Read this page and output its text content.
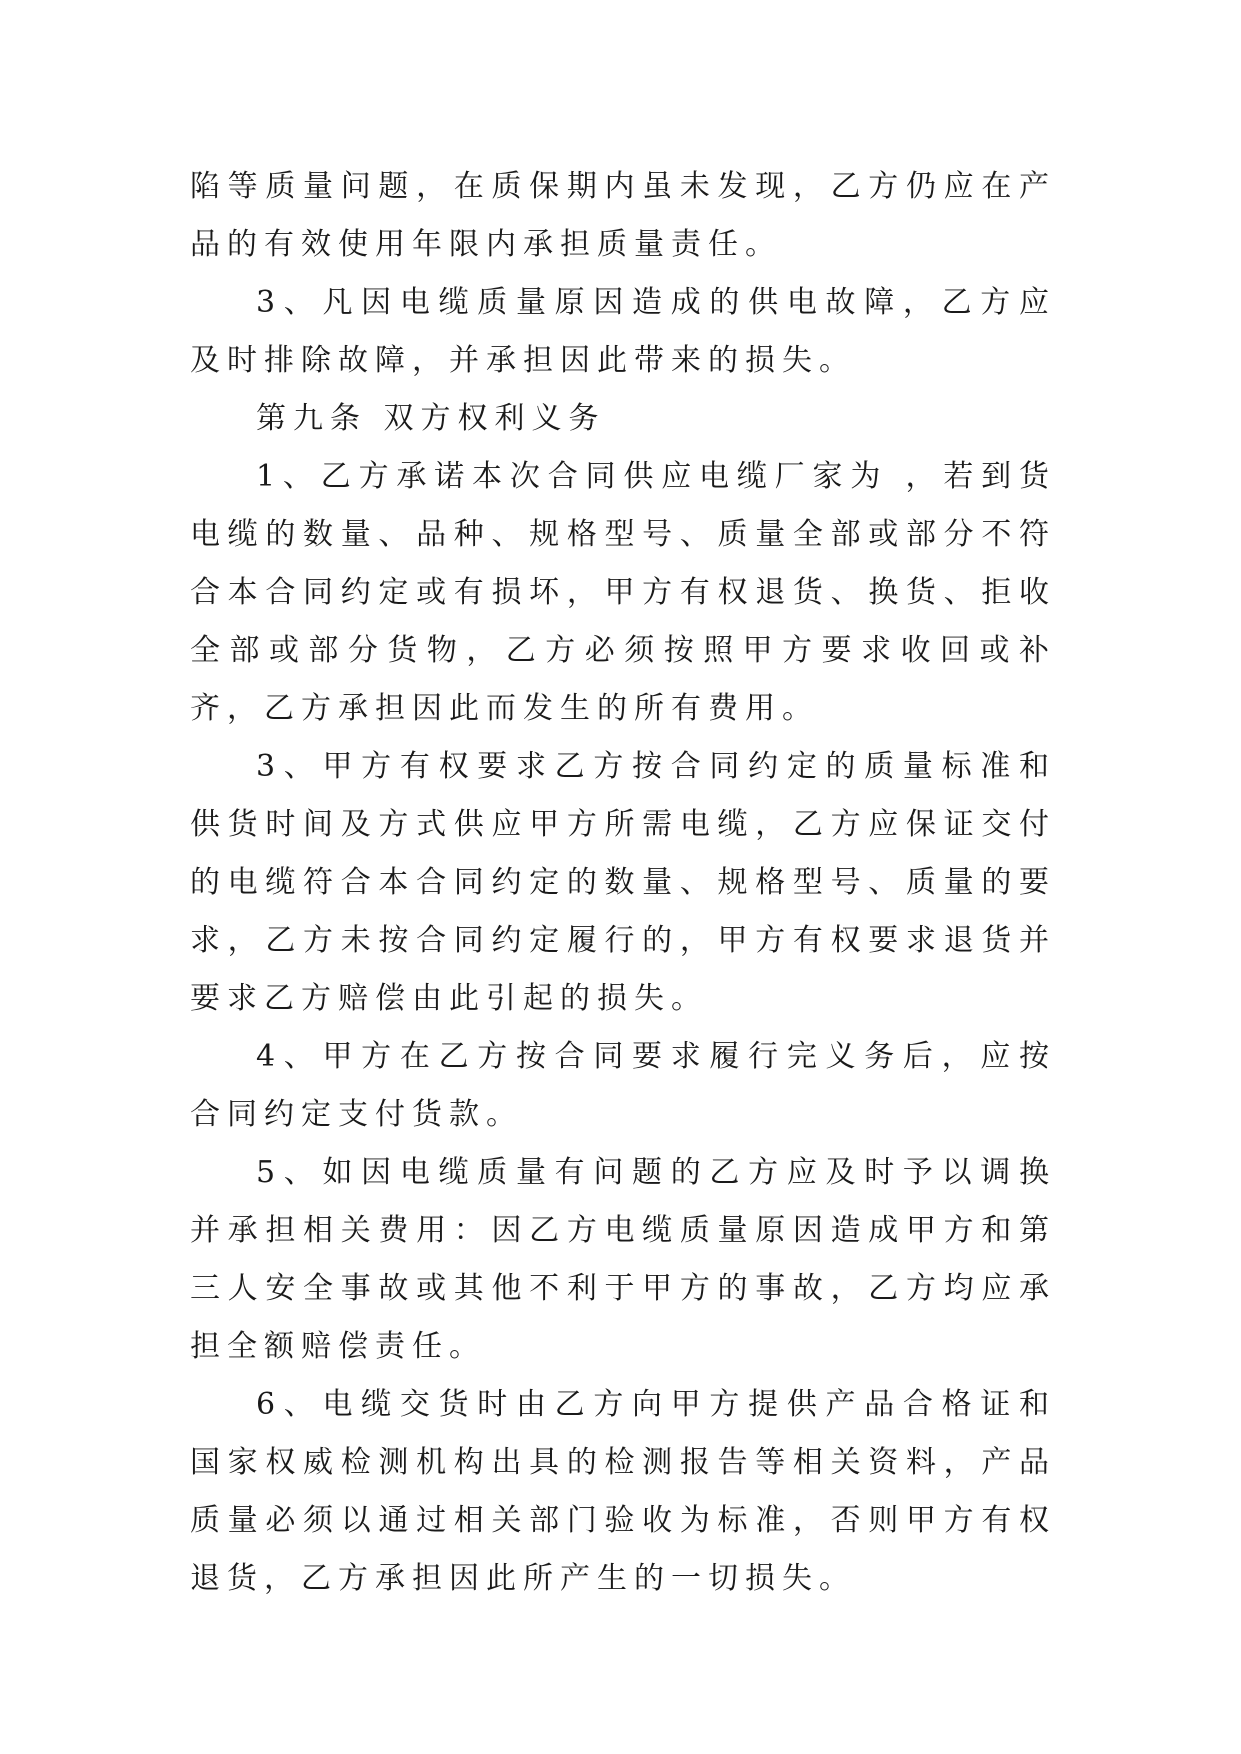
陷等质量问题，在质保期内虽未发现，乙方仍应在产品的有效使用年限内承担质量责任。

3、凡因电缆质量原因造成的供电故障，乙方应及时排除故障，并承担因此带来的损失。

第九条 双方权利义务

1、乙方承诺本次合同供应电缆厂家为 ，若到货电缆的数量、品种、规格型号、质量全部或部分不符合本合同约定或有损坏，甲方有权退货、换货、拒收全部或部分货物，乙方必须按照甲方要求收回或补齐，乙方承担因此而发生的所有费用。

3、甲方有权要求乙方按合同约定的质量标准和供货时间及方式供应甲方所需电缆，乙方应保证交付的电缆符合本合同约定的数量、规格型号、质量的要求，乙方未按合同约定履行的，甲方有权要求退货并要求乙方赔偿由此引起的损失。

4、甲方在乙方按合同要求履行完义务后，应按合同约定支付货款。

5、如因电缆质量有问题的乙方应及时予以调换并承担相关费用：因乙方电缆质量原因造成甲方和第三人安全事故或其他不利于甲方的事故，乙方均应承担全额赔偿责任。

6、电缆交货时由乙方向甲方提供产品合格证和国家权威检测机构出具的检测报告等相关资料，产品质量必须以通过相关部门验收为标准，否则甲方有权退货，乙方承担因此所产生的一切损失。
